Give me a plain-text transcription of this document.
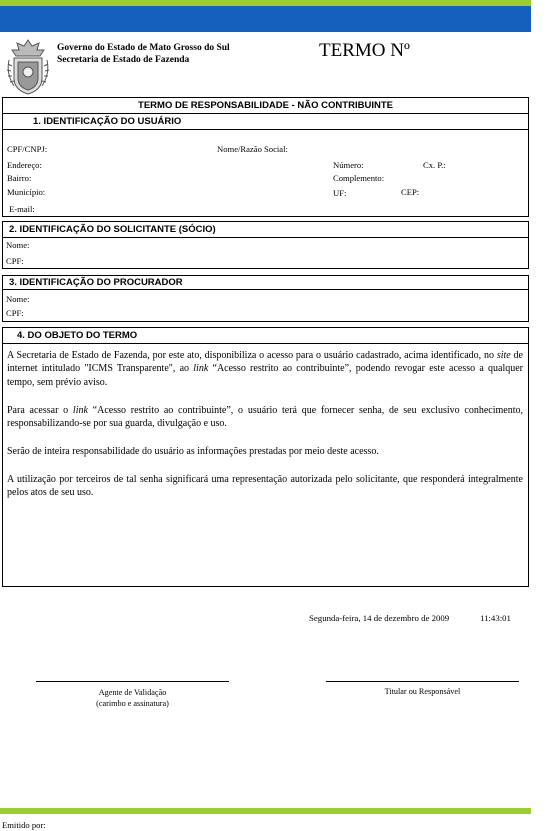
Governo do Estado de Mato Grosso do Sul
Secretaria de Estado de Fazenda	TERMO Nº
TERMO DE RESPONSABILIDADE - NÃO CONTRIBUINTE
1. IDENTIFICAÇÃO DO USUÁRIO
CPF/CNPJ:	Nome/Razão Social:
Endereço:	Número:	Cx. P.:
Bairro:	Complemento:
Município:	UF:	CEP:
E-mail:
2. IDENTIFICAÇÃO DO SOLICITANTE (SÓCIO)
Nome:
CPF:
3. IDENTIFICAÇÃO DO PROCURADOR
Nome:
CPF:
4. DO OBJETO DO TERMO
A Secretaria de Estado de Fazenda, por este ato, disponibiliza o acesso para o usuário cadastrado, acima identificado, no site de internet intitulado "ICMS Transparente", ao link “Acesso restrito ao contribuinte”, podendo revogar este acesso a qualquer tempo, sem prévio aviso.
Para acessar o link “Acesso restrito ao contribuinte”, o usuário terá que fornecer senha, de seu exclusivo conhecimento, responsabilizando-se por sua guarda, divulgação e uso.
Serão de inteira responsabilidade do usuário as informações prestadas por meio deste acesso.
A utilização por terceiros de tal senha significará uma representação autorizada pelo solicitante, que responderá integralmente pelos atos de seu uso.
Segunda-feira, 14 de dezembro de 2009	11:43:01
Agente de Validação
(carimbo e assinatura)
Titular ou Responsável
Emitido por:
